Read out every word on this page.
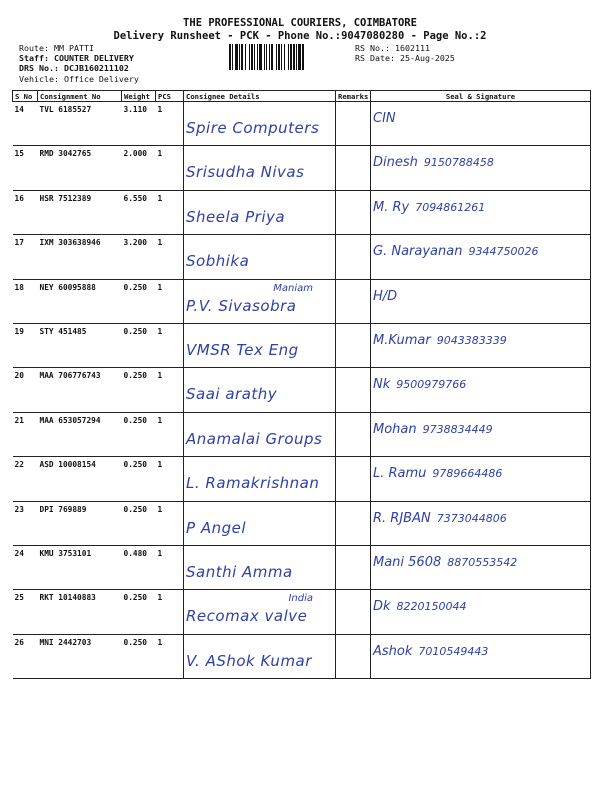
THE PROFESSIONAL COURIERS, COIMBATORE
Delivery Runsheet - PCK - Phone No.:9047080280 - Page No.:2
Route: MM PATTI
Staff: COUNTER DELIVERY
DRS No.: DCJB160211102
Vehicle: Office Delivery
RS No.: 1602111
RS Date: 25-Aug-2025
S No	Consignment No	Weight	PCS	Consignee Details	Remarks	Seal & Signature
14	TVL 6185527	3.110	1	Spire Computers		CIN

15	RMD 3042765	2.000	1	Srisudha Nivas		Dinesh 9150788458

16	HSR 7512389	6.550	1	Sheela Priya		M. Ry 7094861261

17	IXM 303638946	3.200	1	Sobhika		G. Narayanan 9344750026

18	NEY 60095888	0.250	1	Maniam
P.V. Sivasobra		H/D

19	STY 451485	0.250	1	VMSR Tex Eng		M.Kumar 9043383339

20	MAA 706776743	0.250	1	Saai arathy		Nk 9500979766

21	MAA 653057294	0.250	1	Anamalai Groups		Mohan 9738834449

22	ASD 10008154	0.250	1	L. Ramakrishnan		L. Ramu 9789664486

23	DPI 769889	0.250	1	P Angel		R. RJBAN 7373044806

24	KMU 3753101	0.480	1	Santhi Amma		Mani 5608 8870553542

25	RKT 10140883	0.250	1	India
Recomax valve		Dk 8220150044

26	MNI 2442703	0.250	1	V. AShok Kumar		Ashok 7010549443
